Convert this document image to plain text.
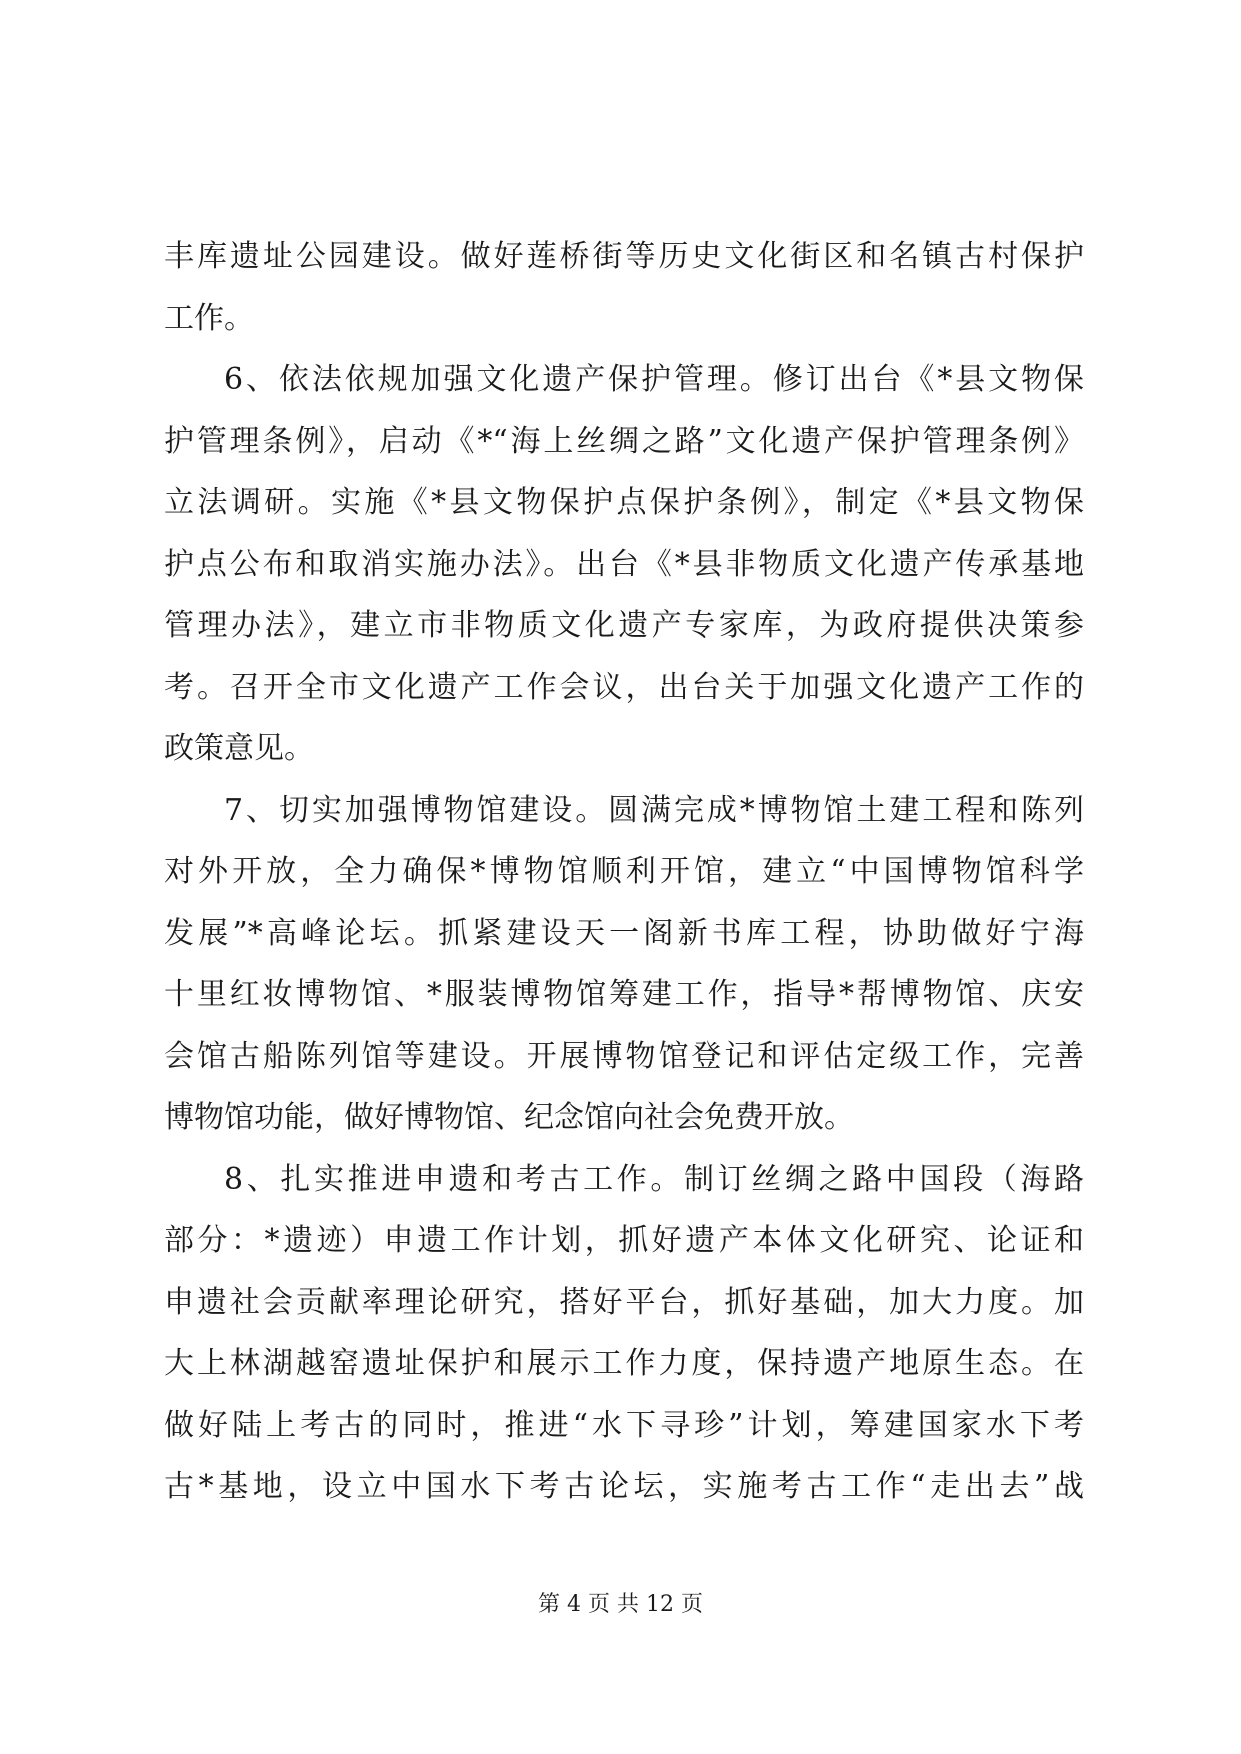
丰库遗址公园建设。做好莲桥街等历史文化街区和名镇古村保护
工作。
6、依法依规加强文化遗产保护管理。修订出台《*县文物保
护管理条例》，启动《*“海上丝绸之路”文化遗产保护管理条例》
立法调研。实施《*县文物保护点保护条例》，制定《*县文物保
护点公布和取消实施办法》。出台《*县非物质文化遗产传承基地
管理办法》，建立市非物质文化遗产专家库，为政府提供决策参
考。召开全市文化遗产工作会议，出台关于加强文化遗产工作的
政策意见。
7、切实加强博物馆建设。圆满完成*博物馆土建工程和陈列
对外开放，全力确保*博物馆顺利开馆，建立“中国博物馆科学
发展”*高峰论坛。抓紧建设天一阁新书库工程，协助做好宁海
十里红妆博物馆、*服装博物馆筹建工作，指导*帮博物馆、庆安
会馆古船陈列馆等建设。开展博物馆登记和评估定级工作，完善
博物馆功能，做好博物馆、纪念馆向社会免费开放。
8、扎实推进申遗和考古工作。制订丝绸之路中国段（海路
部分：*遗迹）申遗工作计划，抓好遗产本体文化研究、论证和
申遗社会贡献率理论研究，搭好平台，抓好基础，加大力度。加
大上林湖越窑遗址保护和展示工作力度，保持遗产地原生态。在
做好陆上考古的同时，推进“水下寻珍”计划，筹建国家水下考
古*基地，设立中国水下考古论坛，实施考古工作“走出去”战
第 4 页 共 12 页
